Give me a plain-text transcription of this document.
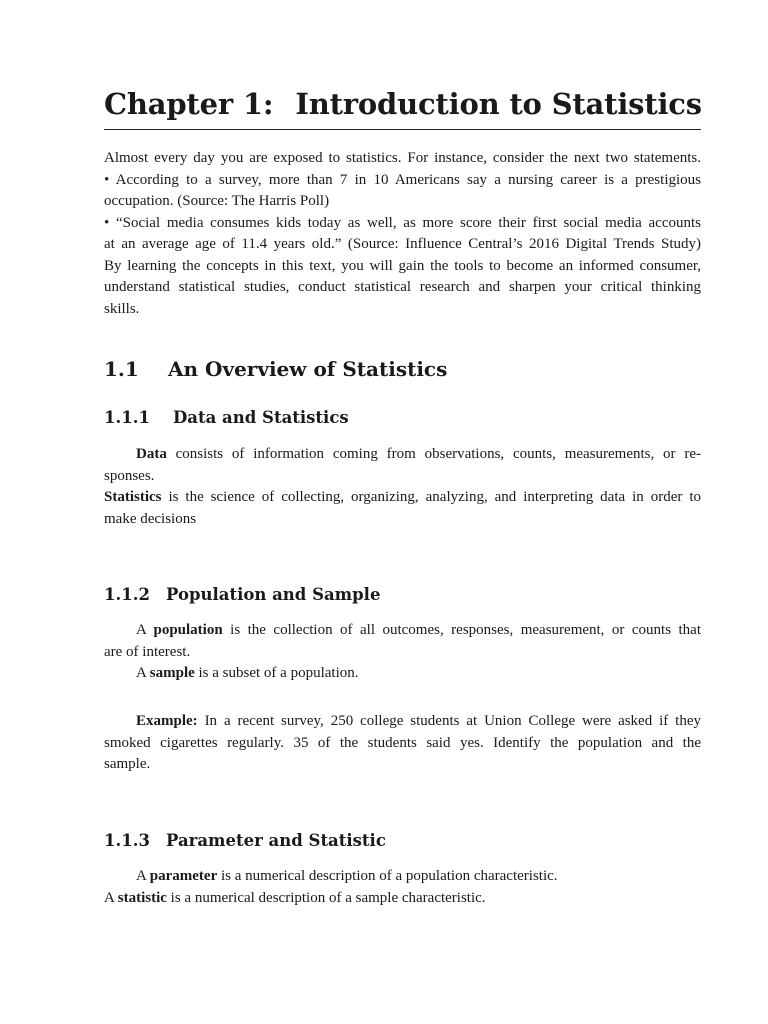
Chapter 1: Introduction to Statistics
Almost every day you are exposed to statistics. For instance, consider the next two statements.
• According to a survey, more than 7 in 10 Americans say a nursing career is a prestigious
occupation. (Source: The Harris Poll)
• “Social media consumes kids today as well, as more score their first social media accounts
at an average age of 11.4 years old.” (Source: Influence Central’s 2016 Digital Trends Study)
By learning the concepts in this text, you will gain the tools to become an informed consumer,
understand statistical studies, conduct statistical research and sharpen your critical thinking
skills.
1.1 An Overview of Statistics
1.1.1 Data and Statistics
Data consists of information coming from observations, counts, measurements, or re-
sponses.
Statistics is the science of collecting, organizing, analyzing, and interpreting data in order to
make decisions
1.1.2 Population and Sample
A population is the collection of all outcomes, responses, measurement, or counts that
are of interest.
A sample is a subset of a population.
Example: In a recent survey, 250 college students at Union College were asked if they
smoked cigarettes regularly. 35 of the students said yes. Identify the population and the
sample.
1.1.3 Parameter and Statistic
A parameter is a numerical description of a population characteristic.
A statistic is a numerical description of a sample characteristic.
